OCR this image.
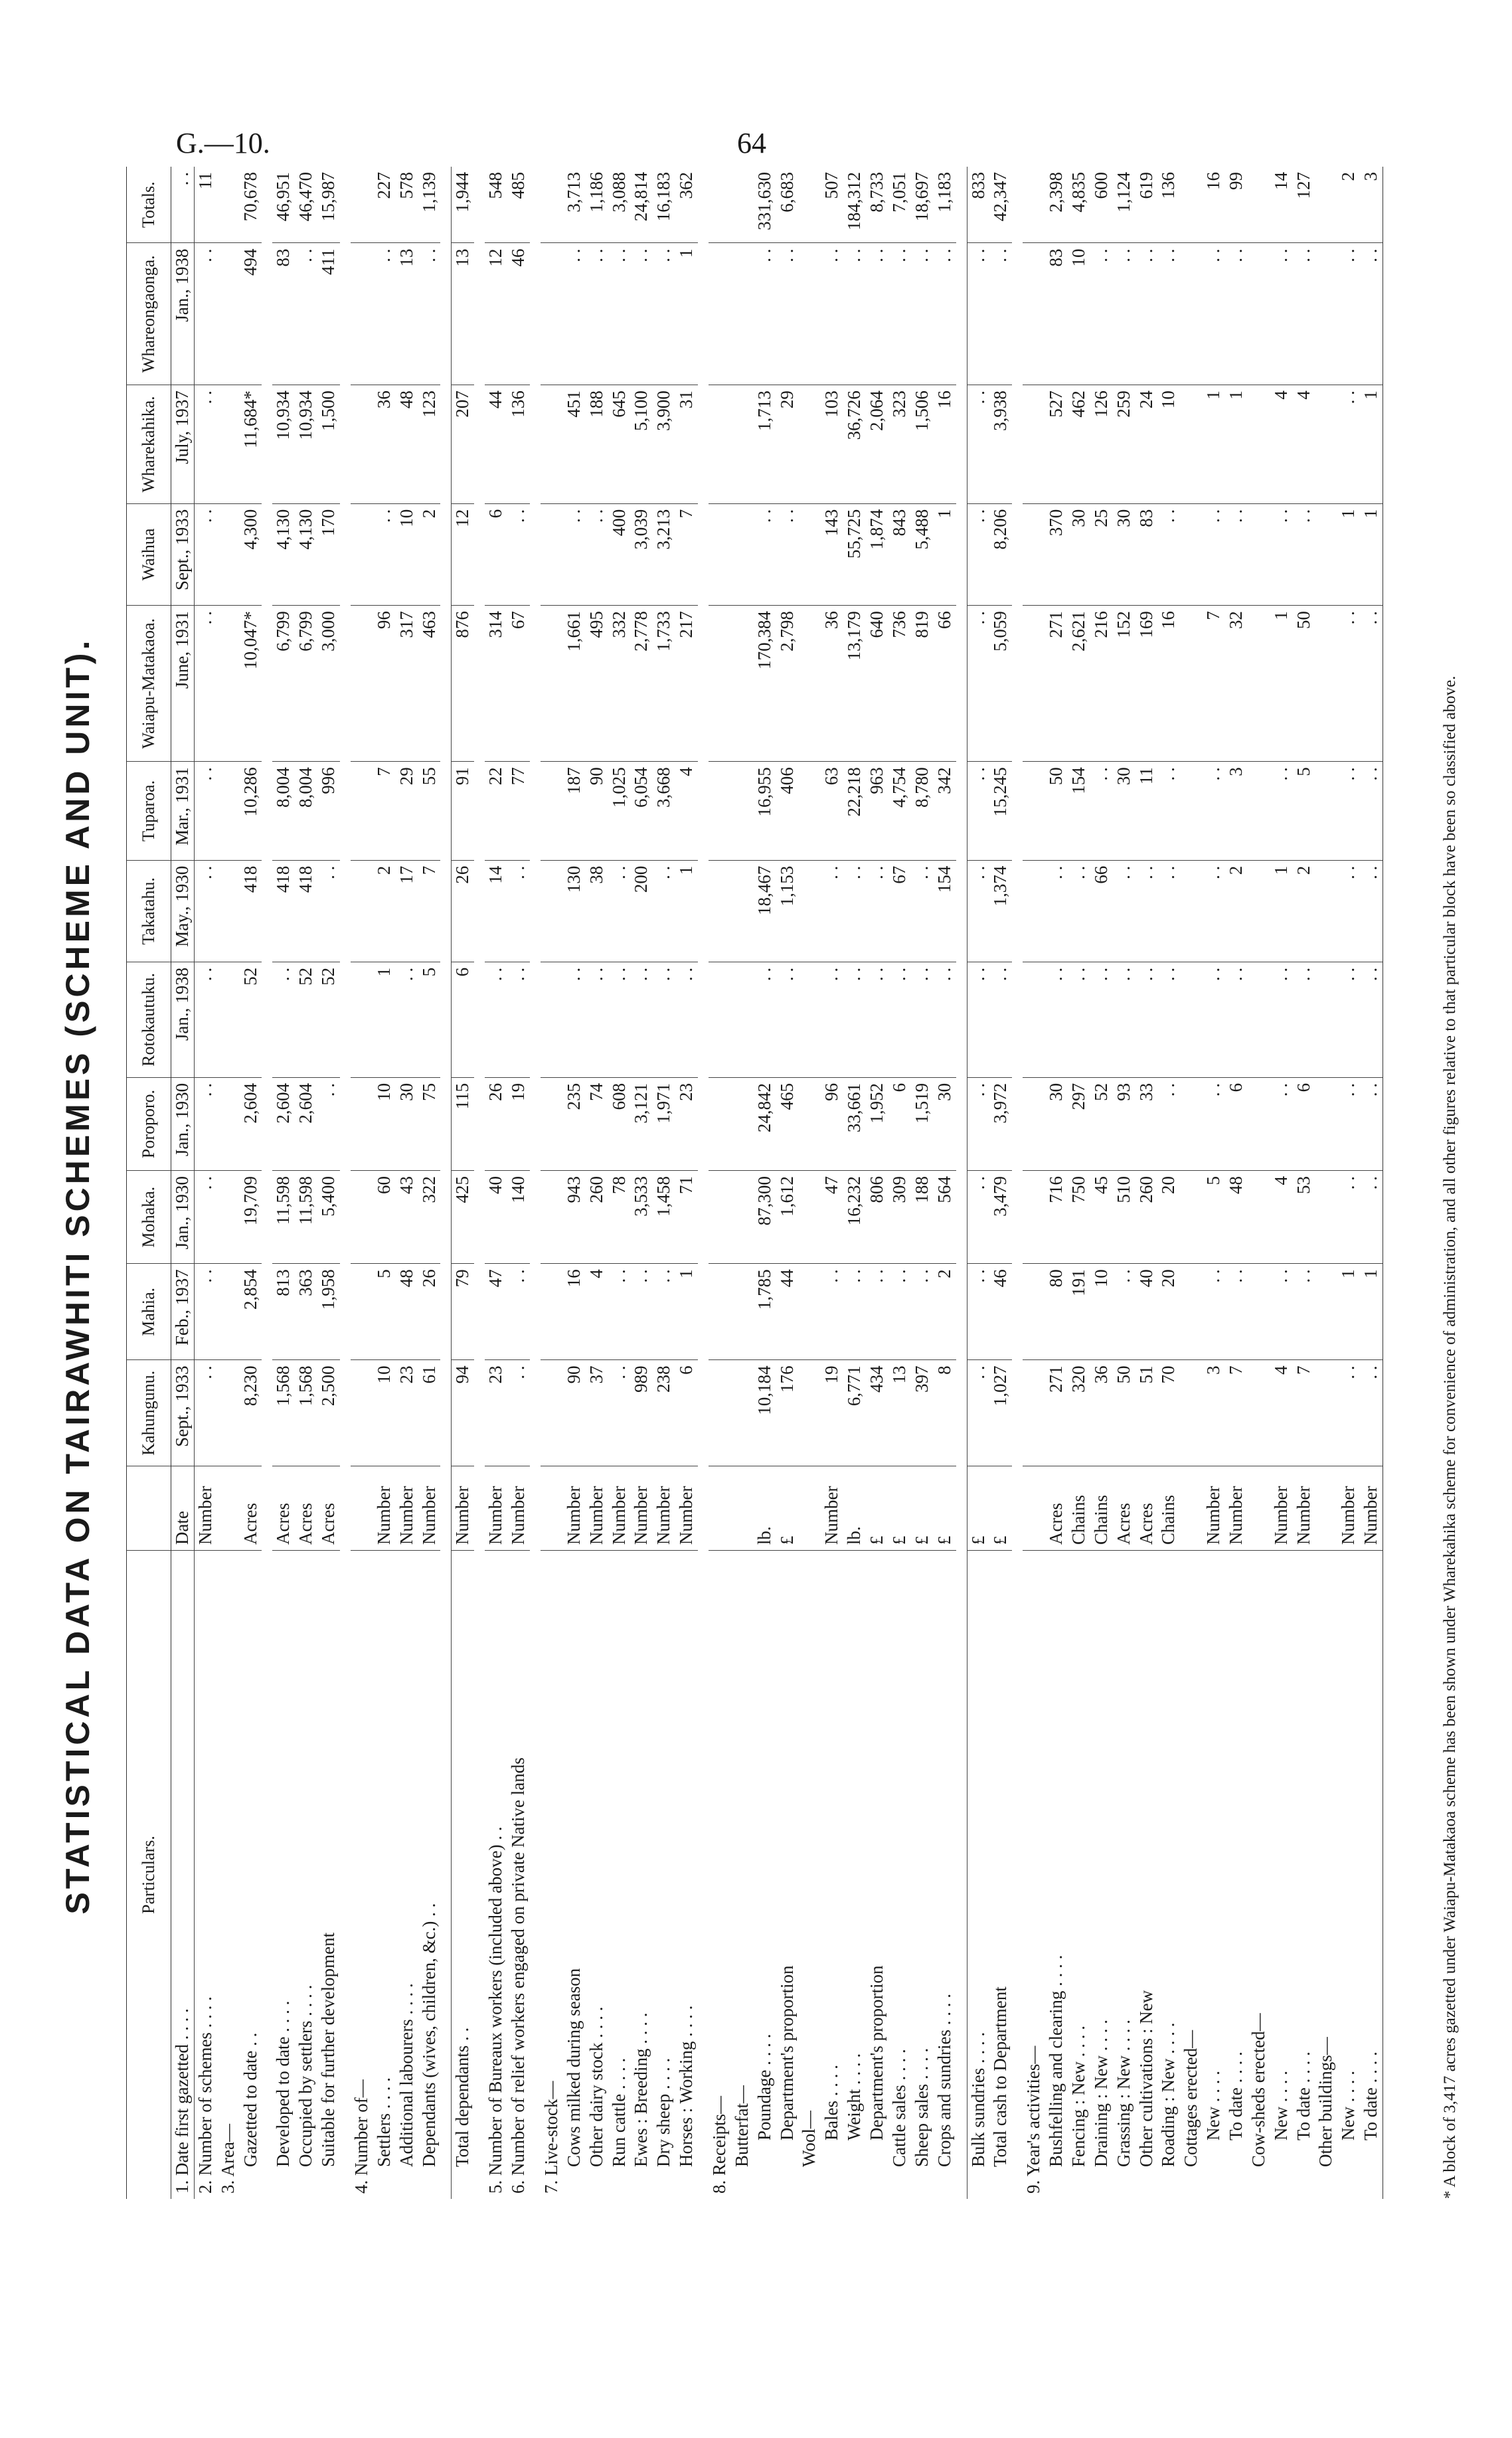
G.—10.	64
STATISTICAL DATA ON TAIRAWHITI SCHEMES (SCHEME AND UNIT). Particulars.		Kahungunu.	Mahia.	Mohaka.	Poroporo.	Rotokautuku.	Takatahu.	Tuparoa.	Waiapu-Matakaoa.	Waihua	Wharekahika.	Whareongaonga.	Totals.
1. Date first gazetted . . . .	Date	Sept., 1933	Feb., 1937	Jan., 1930	Jan., 1930	Jan., 1938	May., 1930	Mar., 1931	June, 1931	Sept., 1933	July, 1937	Jan., 1938	. .
2. Number of schemes . . . .	Number	. .	. .	. .	. .	. .	. .	. .	. .	. .	. .	. .	11
3. Area—													
Gazetted to date . .	Acres	8,230	2,854	19,709	2,604	52	418	10,286	10,047*	4,300	11,684*	494	70,678

Developed to date . . . .	Acres	1,568	813	11,598	2,604	. .	418	8,004	6,799	4,130	10,934	83	46,951
Occupied by settlers . . . .	Acres	1,568	363	11,598	2,604	52	418	8,004	6,799	4,130	10,934	. .	46,470
Suitable for further development	Acres	2,500	1,958	5,400	. .	52	. .	996	3,000	170	1,500	411	15,987

4. Number of—													
Settlers . . . .	Number	10	5	60	10	1	2	7	96	. .	36	. .	227
Additional labourers . . . .	Number	23	48	43	30	. .	17	29	317	10	48	13	578
Dependants (wives, children, &c.) . .	Number	61	26	322	75	5	7	55	463	2	123	. .	1,139

Total dependants . .	Number	94	79	425	115	6	26	91	876	12	207	13	1,944

5. Number of Bureaux workers (included above) . .	Number	23	47	40	26	. .	14	22	314	6	44	12	548
6. Number of relief workers engaged on private Native lands	Number	. .	. .	140	19	. .	. .	77	67	. .	136	46	485

7. Live-stock—													
Cows milked during season	Number	90	16	943	235	. .	130	187	1,661	. .	451	. .	3,713
Other dairy stock . . . .	Number	37	4	260	74	. .	38	90	495	. .	188	. .	1,186
Run cattle . . . .	Number	. .	. .	78	608	. .	. .	1,025	332	400	645	. .	3,088
Ewes : Breeding . . . .	Number	989	. .	3,533	3,121	. .	200	6,054	2,778	3,039	5,100	. .	24,814
Dry sheep . . . .	Number	238	. .	1,458	1,971	. .	. .	3,668	1,733	3,213	3,900	. .	16,183
Horses : Working . . . .	Number	6	1	71	23	. .	1	4	217	7	31	1	362

8. Receipts—													
Butterfat—													
Poundage . . . .	lb.	10,184	1,785	87,300	24,842	. .	18,467	16,955	170,384	. .	1,713	. .	331,630
Department's proportion	£	176	44	1,612	465	. .	1,153	406	2,798	. .	29	. .	6,683
Wool—													
Bales . . . .	Number	19	. .	47	96	. .	. .	63	36	143	103	. .	507
Weight . . . .	lb.	6,771	. .	16,232	33,661	. .	. .	22,218	13,179	55,725	36,726	. .	184,312
Department's proportion	£	434	. .	806	1,952	. .	. .	963	640	1,874	2,064	. .	8,733
Cattle sales . . . .	£	13	. .	309	6	. .	67	4,754	736	843	323	. .	7,051
Sheep sales . . . .	£	397	. .	188	1,519	. .	. .	8,780	819	5,488	1,506	. .	18,697
Crops and sundries . . . .	£	8	2	564	30	. .	154	342	66	1	16	. .	1,183

Bulk sundries . . . .	£	. .	. .	. .	. .	. .	. .	. .	. .	. .	. .	. .	833
Total cash to Department	£	1,027	46	3,479	3,972	. .	1,374	15,245	5,059	8,206	3,938	. .	42,347

9. Year's activities—													
Bushfelling and clearing . . . .	Acres	271	80	716	30	. .	. .	50	271	370	527	83	2,398
Fencing : New . . . .	Chains	320	191	750	297	. .	. .	154	2,621	30	462	10	4,835
Draining : New . . . .	Chains	36	10	45	52	. .	66	. .	216	25	126	. .	600
Grassing : New . . . .	Acres	50	. .	510	93	. .	. .	30	152	30	259	. .	1,124
Other cultivations : New	Acres	51	40	260	33	. .	. .	11	169	83	24	. .	619
Roading : New . . . .	Chains	70	20	20	. .	. .	. .	. .	16	. .	10	. .	136
Cottages erected—													
New . . . .	Number	3	. .	5	. .	. .	. .	. .	7	. .	1	. .	16
To date . . . .	Number	7	. .	48	6	. .	2	3	32	. .	1	. .	99
Cow-sheds erected—													
New . . . .	Number	4	. .	4	. .	. .	1	. .	1	. .	4	. .	14
To date . . . .	Number	7	. .	53	6	. .	2	5	50	. .	4	. .	127
Other buildings—													
New . . . .	Number	. .	1	. .	. .	. .	. .	. .	. .	1	. .	. .	2
To date . . . .	Number	. .	1	. .	. .	. .	. .	. .	. .	1	1	. .	3
* A block of 3,417 acres gazetted under Waiapu-Matakaoa scheme has been shown under Wharekahika scheme for convenience of administration, and all other figures relative to that particular block have been so classified above.
